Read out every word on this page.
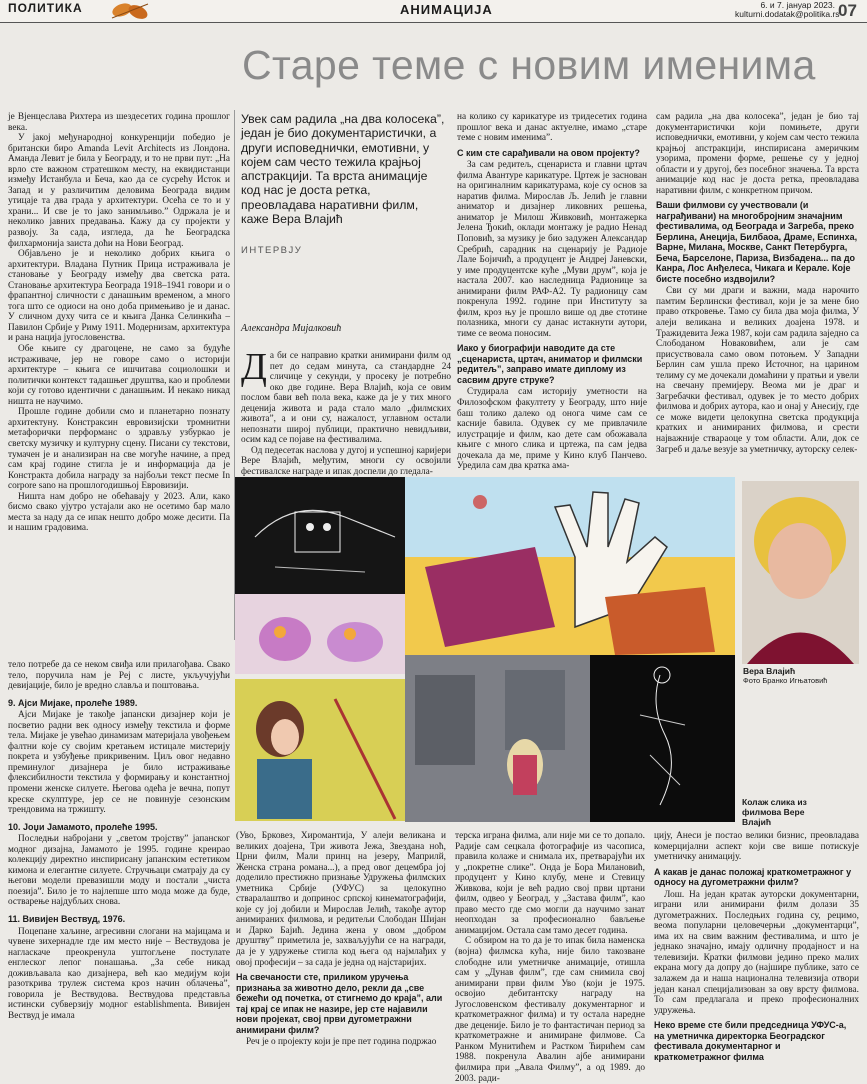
ПОЛИТИКА	АНИМАЦИЈА	6. и 7. јануар 2023.
kulturni.dodatak@politika.rs
07
Старе теме с новим именима

је Вјенцеслава Рихтера из шездесетих година прошлог века.

У јакој међународној конкуренцији победио је британски биро Amanda Levit Architects из Лондона. Аманда Левит је била у Београду, и то не први пут: „На врло сте важном стратешком месту, на еквидистанци између Истанбула и Беча, као да се сусрећу Исток и Запад и у различитим деловима Београда видим утицаје та два града у архитектури. Осећа се то и у храни... И све је то јако занимљиво.” Одржала је и неколико јавних предавања. Кажу да су пројекти у развоју. За сада, изгледа, да ће Београдска филхармонија заиста доћи на Нови Београд.

Објављено је и неколико добрих књига о архитектури. Владана Путник Прица истраживала је становање у Београду између два светска рата. Становање архитектура Београда 1918–1941 говори и о фрапантној сличности с данашњим временом, а много тога што се одиоси на оно доба примењиво је и данас. У сличном духу чита се и књига Данка Селинкића – Павилон Србије у Риму 1911. Модернизам, архитектура и рана нација југословенства.

Обе књиге су драгоцене, не само за будуће истраживаче, јер не говоре само о историји архитектуре – књига се ишчитава социолошки и политички контекст тадашњег друштва, као и проблеми који су готово идентични с данашњим. И некако никад ништа не научимо.

Прошле године добили смо и планетарно познату архитектуну. Констраксин евровизијски тромнитни метафорички перформанс о здрављу узбуркао је светску музичку и културну сцену. Писани су текстови, тумачен је и анализиран на све могуће начине, а пред сам крај године стигла је и информација да је Констракта добила награду за најбољи текст песме In corpore sano на прошлогодишњој Евровизији.

Ништа нам добро не обећавају у 2023. Али, како бисмо свако ујутро устајали ако не осетимо бар мало места за наду да се ипак нешто добро може десити. Па и нашим градовима.

тело потребе да се неком свиђа или прилагођава. Свако тело, поручила нам је Реј с листе, укључујући девијације, било је вредно славља и поштовања.

9. Ајси Мијаке, пролеће 1989.

Ајси Мијаке је такође јапански дизајнер који је посветио радни век односу између текстила и форме тела. Мијаке је увећао динамизам материјала увођењем фалтни које су својим кретањем истицале мистерију покрета и узбуђење прикривеним. Циљ овог недавно преминулог дизајнера је било истраживање флексибилности текстила у формирању и константној промени женске силуете. Његова одећа је вечна, попут креске скулптуре, јер се не повинује сезонским трендовима на тржишту.

10. Јоџи Јамамото, пролеће 1995.

Последњи набројани у „светом тројству” јапанског модног дизајна, Јамамото је 1995. године креирао колекцију директно инспирисану јапанским естетиком кимона и елегантне силуете. Стручњаци сматрају да су његови модели превазишли моду и постали „чиста поезија”. Било је то најлепше што мода може да буде, остварење најдубљих снова.

11. Вивијен Вествуд, 1976.

Поцепане хаљине, агресивни слогани на мајицама и чувене зихернадле где им место није – Вествудова је нагласкаче преокренула уштогљене постулате енглеског лепог понашања. „За себе никад доживљавала као дизајнера, већ као медијум који разоткрива трулеж система кроз начин облачења”, говорила је Вествудова. Вествудова представља истински субверзију модног establishmenta. Вивијен Вествуд је имала

Увек сам радила „на два колосека”, један је био документаристички, а други исповеднички, емотивни, у којем сам често тежила крајњој апстракцији. Та врста анимације код нас је доста ретка, преовладава наративни филм, каже Вера Влајић
ИНТЕРВЈУ
Александра Мијалковић
Д а би се направио кратки анимирани филм од пет до седам минута, са стандардне 24 сличице у секунди, у просеку је потребно око две године. Вера Влајић, која се овим послом бави већ пола века, каже да је у тих много деценија живота и рада стало мало „филмских живота”, а и они су, нажалост, углавном остали непознати широј публици, практично невидљиви, осим кад се појаве на фестивалима.

Од педесетак наслова у дугој и успешној каријери Вере Влајић, међутим, многи су освојили фестивалске награде и ипак доспели до гледала-

на колико су карикатуре из тридесетих година прошлог века и данас актуелне, имамо „старе теме с новим именима”.

С ким сте сарађивали на овом пројекту?

За сам редитељ, сценариста и главни цртач филма Авантуре карикатуре. Цртеж је заснован на оригиналним карикатурама, које су основ за наратив филма. Мирослав Љ. Јелић је главни аниматор и дизајнер ликовних решења, аниматор је Милош Живковић, монтажерка Јелена Ђокић, оклади монтажу је радио Ненад Поповић, за музику је био задужен Александар Сребрић, сарадник на сценарију је Радиоје Лале Бојичић, а продуцент је Андреј Јаневски, у име продуцентске куће „Муви друм”, која је настала 2007. као наследница Радионице за анимирани филм РАФ-А2. Ту радионицу сам покренула 1992. године при Институту за филм, кроз њу је прошло више од две стотине полазника, многи су данас истакнути аутори, тиме се веома поносим.

Иако у биографији наводите да сте „сценариста, цртач, аниматор и филмски редитељ”, заправо имате диплому из сасвим друге струке?

Студирала сам историју уметности на Филозофском факултету у Београду, што није баш толико далеко од онога чиме сам се касније бавила. Одувек су ме привлачиле илустрације и филм, као дете сам обожавала књиге с много слика и цртежа, па сам једва дочекала да ме, приме у Кино клуб Панчево. Уредила сам два кратка ама-

сам радила „на два колосека”, један је био тај документаристички који помињете, други исповеднички, емотивни, у којем сам често тежила крајњој апстракцији, инспирисана америчким узорима, промени форме, решење су у једној области и у другој, без посебног значења. Та врста анимације код нас је доста ретка, преовладава наративни филм, с конкретном причом.

Ваши филмови су учествовали (и награђивани) на многобројним значајним фестивалима, од Београда и Загреба, преко Берлина, Анеција, Билбаоа, Драме, Еспинха, Варне, Милана, Москве, Санкт Петербурга, Беча, Барселоне, Париза, Визбадена... па до Канра, Лос Анђелеса, Чикага и Керале. Које бисте посебно издвојили?

Сви су ми драги и важни, мада нарочито памтим Берлински фестивал, који је за мене био право откровење. Тамо су била два моја филма, У алеји великана и великих доајена 1978. и Тражидевита Јежа 1987, који сам радила заједно са Слободаном Новаковићем, али је сам присуствовала само овом потоњем. У Западни Берлин сам ушла преко Источног, на царином телиму су ме дочекали домаћини у пратњи и увели на свечану премијеру. Веома ми је драг и Загребачки фестивал, одувек је то место добрих филмова и добрих аутора, као и онај у Анесију, где се може видети целокупна светска продукција кратких и анимираних филмова, и срести најважније ствараоце у том области. Али, док се Загреб и даље везује за уметничку, ауторску селек-

Вера Влајић
Фото Бранко Игњатовић
Колаж слика из филмова Вере Влајић

(Уво, Брковез, Хиромантија, У алеји великана и великих доајена, Три живота Јежа, Звездана ноћ, Црни филм, Мали принц на језеру, Маприлй, Женска страна романа...), а пред овог децембра јој доделило престижно признање Удружења филмских уметника Србије (УФУС) за целокупно стваралаштво и допринос српској кинематографији, које су јој добили и Мирослав Јелић, такође аутор анимираних филмова, и редитељи Слободан Шијан и Дарко Бајић. Једина жена у овом „добром друштву” приметила је, захваљујући се на награди, да је у удружење стигла код њега од најмлађих у овој професији – за сада је једна од најстаријих.

На свечаности сте, приликом уручења признања за животно дело, рекли да „све бежећи од почетка, от стигнемо до краја”, али тај крај се ипак не назире, јер сте најавили нови пројекат, свој први дугометражни анимирани филм?

Реч је о пројекту који је пре пет година подржао

терска играна филма, али није ми се то допало. Радије сам сецкала фотографије из часописа, правила колаже и снимала их, претварајући их у „покретне слике”. Онда је Бора Милановић, продуцент у Кино клубу, мене и Стевицу Живкова, који је већ радио свој први цртани филм, одвео у Београд, у „Застава филм”, као право место где смо могли да научимо занат неопходан за професионално бављење анимацијом. Остала сам тамо десет година.

С обзиром на то да је то ипак била наменска (војна) филмска кућа, није било такозване слободне или уметничке анимације, отишла сам у „Дунав филм”, где сам снимила свој анимирани први филм Уво (који је 1975. освојио дебитантску награду на Југословенском фестивалу документарног и краткометражног филма) и ту остала наредне две деценије. Било је то фантастичан период за краткометражне и анимиране филмове. Са Ранком Мунитићем и Растком Ћирићем сам 1988. покренула Авалин ајбе анимирани филмира при „Авала Филму”, а од 1989. до 2003. ради-

цију, Анеси је постао велики бизнис, преовладава комерцијални аспект који све више потискује уметничку анимацију.

А какав је данас положај краткометражног у односу на дугометражни филм?

Лош. На један кратак ауторски документарни, играни или анимирани филм долази 35 дугометражних. Последњих година су, рецимо, веома популарни целовечерњи „документарци”, има их на свим важним фестивалима, и што је једнако значајно, имају одличну продајност и на телевизији. Кратки филмови једино преко малих екрана могу да допру до (најшире публике, зато се залажем да и наша национална телевизија отвори један канал специјализован за ову врсту филмова. То сам предлагала и преко професионалних удружења.

Неко време сте били председница УФУС-а, на уметничка директорка Београдског фестивала документарног и краткометражног филма
